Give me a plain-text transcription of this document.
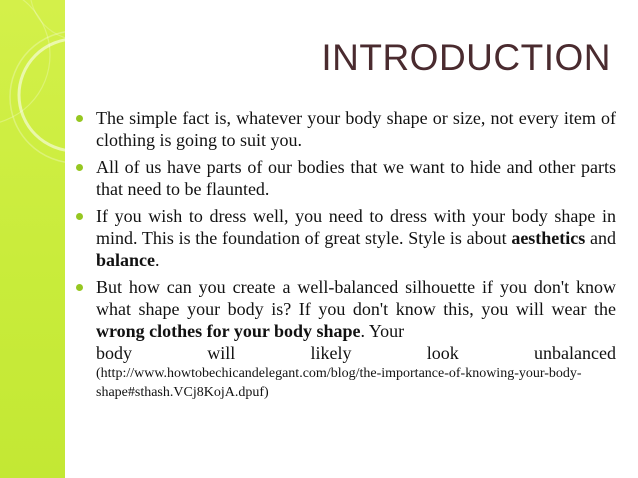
INTRODUCTION
The simple fact is, whatever your body shape or size, not every item of clothing is going to suit you.
All of us have parts of our bodies that we want to hide and other parts that need to be flaunted.
If you wish to dress well, you need to dress with your body shape in mind. This is the foundation of great style. Style is about aesthetics and balance.
But how can you create a well-balanced silhouette if you don't know what shape your body is? If you don't know this, you will wear the wrong clothes for your body shape. Your
body will likely look unbalanced
(http://www.howtobechicandelegant.com/blog/the-importance-of-knowing-your-body-shape#sthash.VCj8KojA.dpuf)
